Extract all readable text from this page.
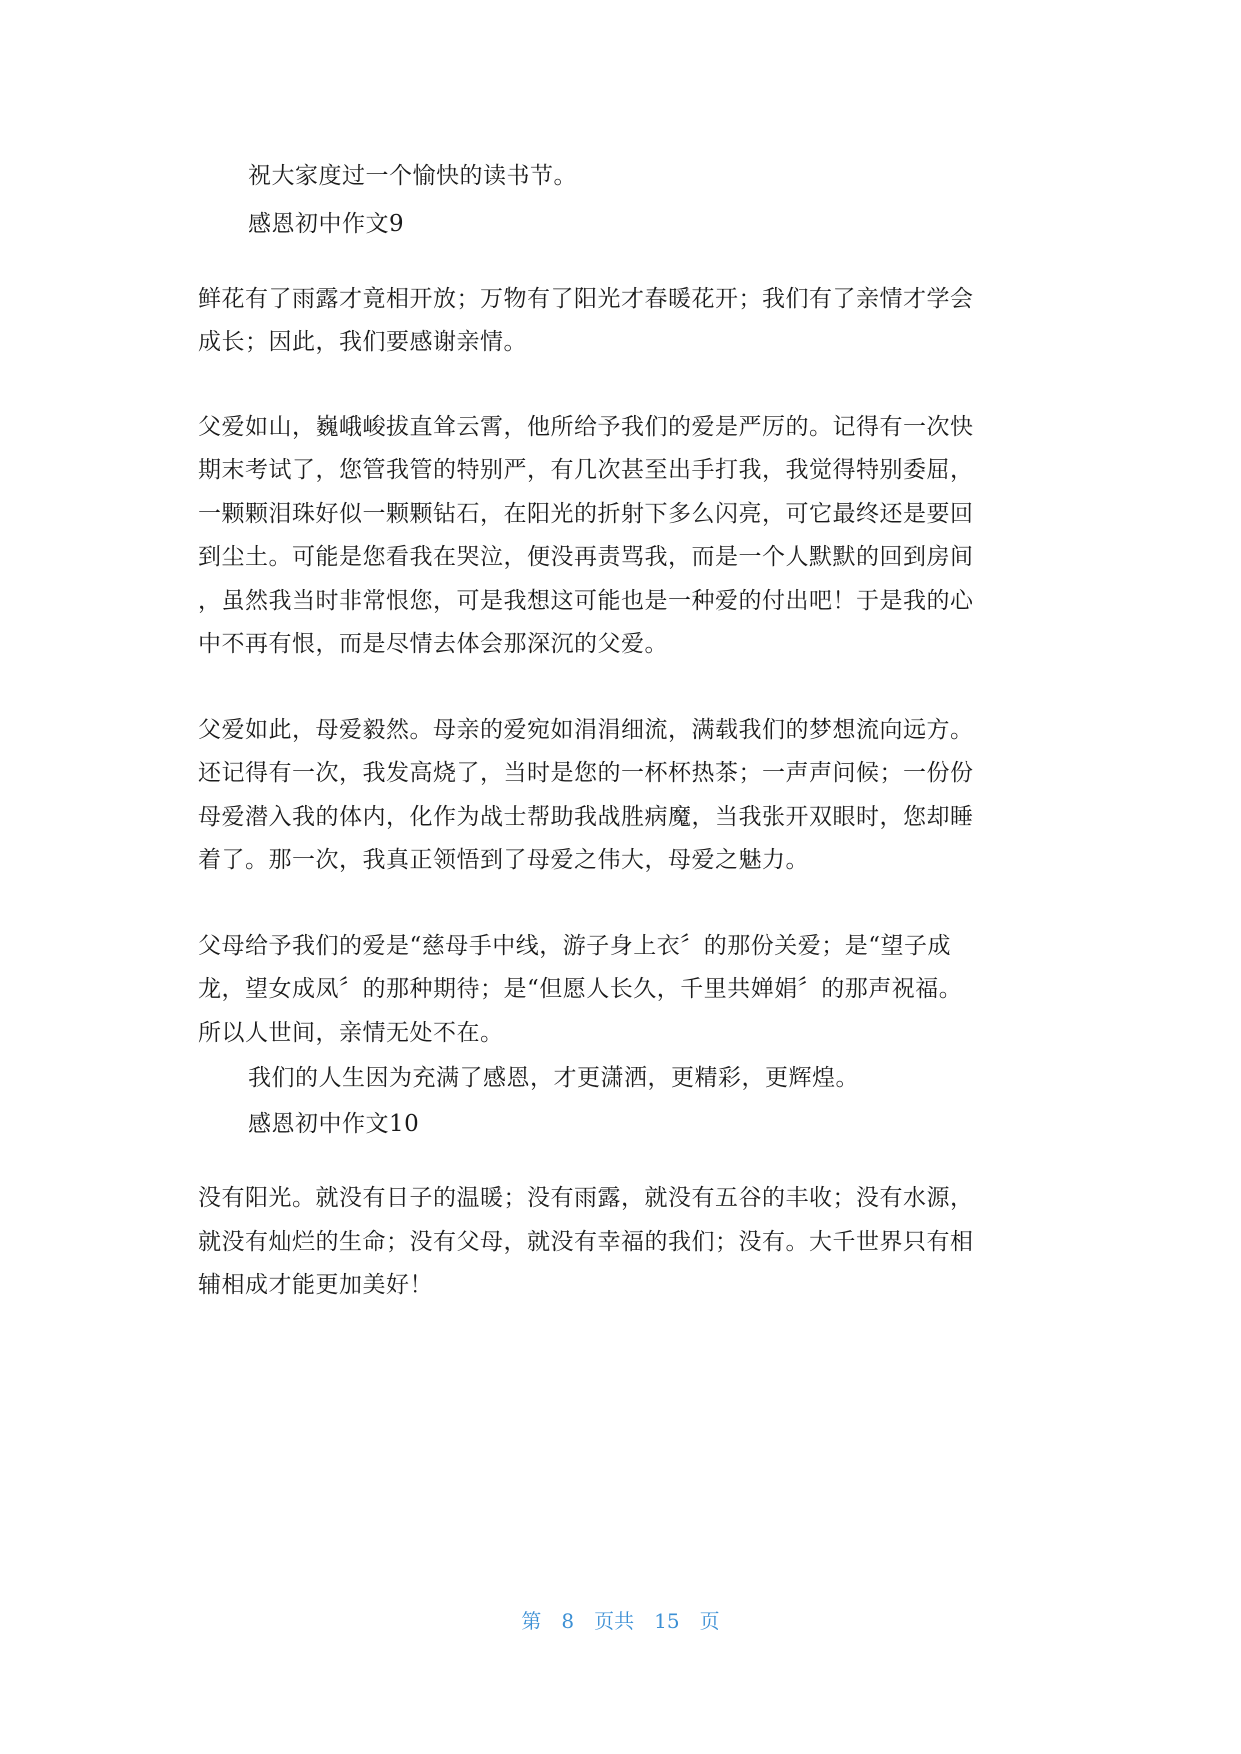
祝大家度过一个愉快的读书节。
感恩初中作文9
鲜花有了雨露才竟相开放；万物有了阳光才春暖花开；我们有了亲情才学会
成长；因此，我们要感谢亲情。
父爱如山，巍峨峻拔直耸云霄，他所给予我们的爱是严厉的。记得有一次快
期末考试了，您管我管的特别严，有几次甚至出手打我，我觉得特别委屈，
一颗颗泪珠好似一颗颗钻石，在阳光的折射下多么闪亮，可它最终还是要回
到尘土。可能是您看我在哭泣，便没再责骂我，而是一个人默默的回到房间
，虽然我当时非常恨您，可是我想这可能也是一种爱的付出吧！于是我的心
中不再有恨，而是尽情去体会那深沉的父爱。
父爱如此，母爱毅然。母亲的爱宛如涓涓细流，满载我们的梦想流向远方。
还记得有一次，我发高烧了，当时是您的一杯杯热茶；一声声问候；一份份
母爱潜入我的体内，化作为战士帮助我战胜病魔，当我张开双眼时，您却睡
着了。那一次，我真正领悟到了母爱之伟大，母爱之魅力。
父母给予我们的爱是“慈母手中线，游子身上衣〞的那份关爱；是“望子成
龙，望女成凤〞的那种期待；是“但愿人长久，千里共婵娟〞的那声祝福。
所以人世间，亲情无处不在。
我们的人生因为充满了感恩，才更潇洒，更精彩，更辉煌。
感恩初中作文10
没有阳光。就没有日子的温暖；没有雨露，就没有五谷的丰收；没有水源，
就没有灿烂的生命；没有父母，就没有幸福的我们；没有。大千世界只有相
辅相成才能更加美好！
第 8 页共 15 页
